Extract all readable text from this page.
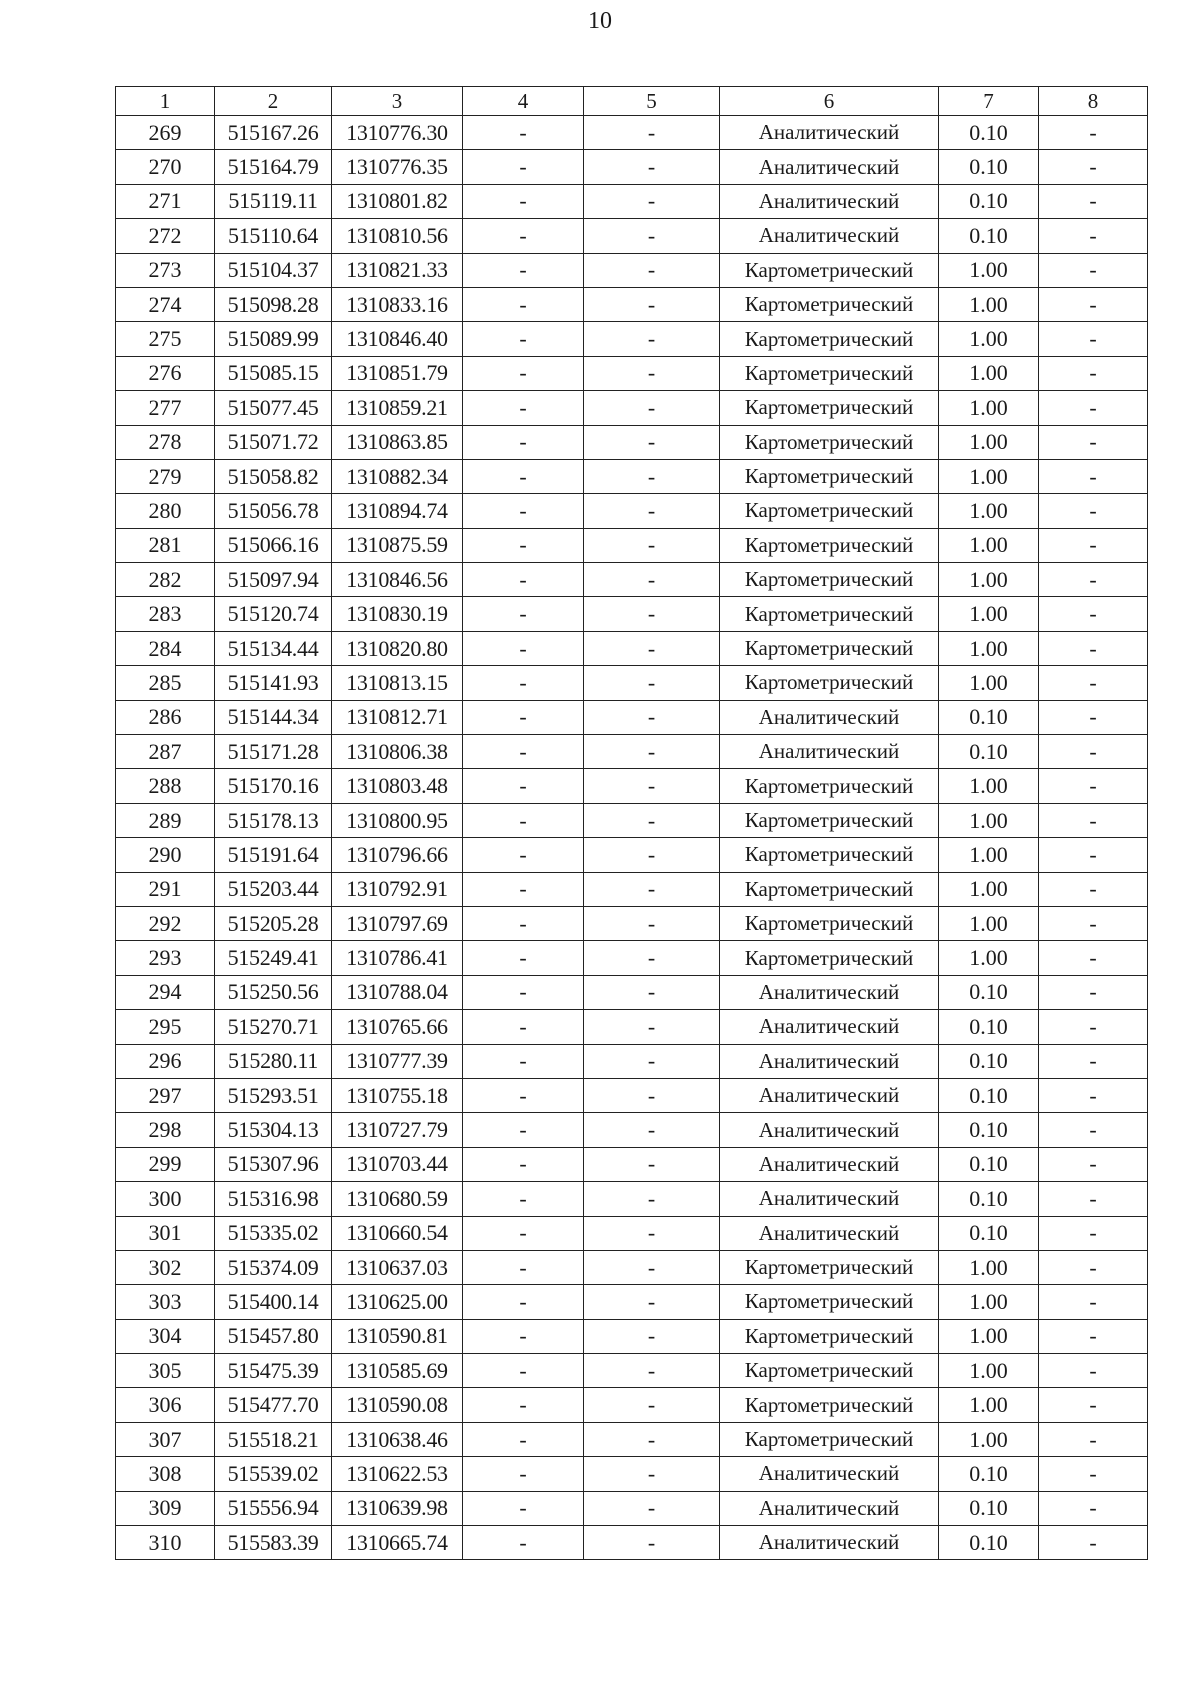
10
1	2	3	4	5	6	7	8
269	515167.26	1310776.30	-	-	Аналитический	0.10	-
270	515164.79	1310776.35	-	-	Аналитический	0.10	-
271	515119.11	1310801.82	-	-	Аналитический	0.10	-
272	515110.64	1310810.56	-	-	Аналитический	0.10	-
273	515104.37	1310821.33	-	-	Картометрический	1.00	-
274	515098.28	1310833.16	-	-	Картометрический	1.00	-
275	515089.99	1310846.40	-	-	Картометрический	1.00	-
276	515085.15	1310851.79	-	-	Картометрический	1.00	-
277	515077.45	1310859.21	-	-	Картометрический	1.00	-
278	515071.72	1310863.85	-	-	Картометрический	1.00	-
279	515058.82	1310882.34	-	-	Картометрический	1.00	-
280	515056.78	1310894.74	-	-	Картометрический	1.00	-
281	515066.16	1310875.59	-	-	Картометрический	1.00	-
282	515097.94	1310846.56	-	-	Картометрический	1.00	-
283	515120.74	1310830.19	-	-	Картометрический	1.00	-
284	515134.44	1310820.80	-	-	Картометрический	1.00	-
285	515141.93	1310813.15	-	-	Картометрический	1.00	-
286	515144.34	1310812.71	-	-	Аналитический	0.10	-
287	515171.28	1310806.38	-	-	Аналитический	0.10	-
288	515170.16	1310803.48	-	-	Картометрический	1.00	-
289	515178.13	1310800.95	-	-	Картометрический	1.00	-
290	515191.64	1310796.66	-	-	Картометрический	1.00	-
291	515203.44	1310792.91	-	-	Картометрический	1.00	-
292	515205.28	1310797.69	-	-	Картометрический	1.00	-
293	515249.41	1310786.41	-	-	Картометрический	1.00	-
294	515250.56	1310788.04	-	-	Аналитический	0.10	-
295	515270.71	1310765.66	-	-	Аналитический	0.10	-
296	515280.11	1310777.39	-	-	Аналитический	0.10	-
297	515293.51	1310755.18	-	-	Аналитический	0.10	-
298	515304.13	1310727.79	-	-	Аналитический	0.10	-
299	515307.96	1310703.44	-	-	Аналитический	0.10	-
300	515316.98	1310680.59	-	-	Аналитический	0.10	-
301	515335.02	1310660.54	-	-	Аналитический	0.10	-
302	515374.09	1310637.03	-	-	Картометрический	1.00	-
303	515400.14	1310625.00	-	-	Картометрический	1.00	-
304	515457.80	1310590.81	-	-	Картометрический	1.00	-
305	515475.39	1310585.69	-	-	Картометрический	1.00	-
306	515477.70	1310590.08	-	-	Картометрический	1.00	-
307	515518.21	1310638.46	-	-	Картометрический	1.00	-
308	515539.02	1310622.53	-	-	Аналитический	0.10	-
309	515556.94	1310639.98	-	-	Аналитический	0.10	-
310	515583.39	1310665.74	-	-	Аналитический	0.10	-
